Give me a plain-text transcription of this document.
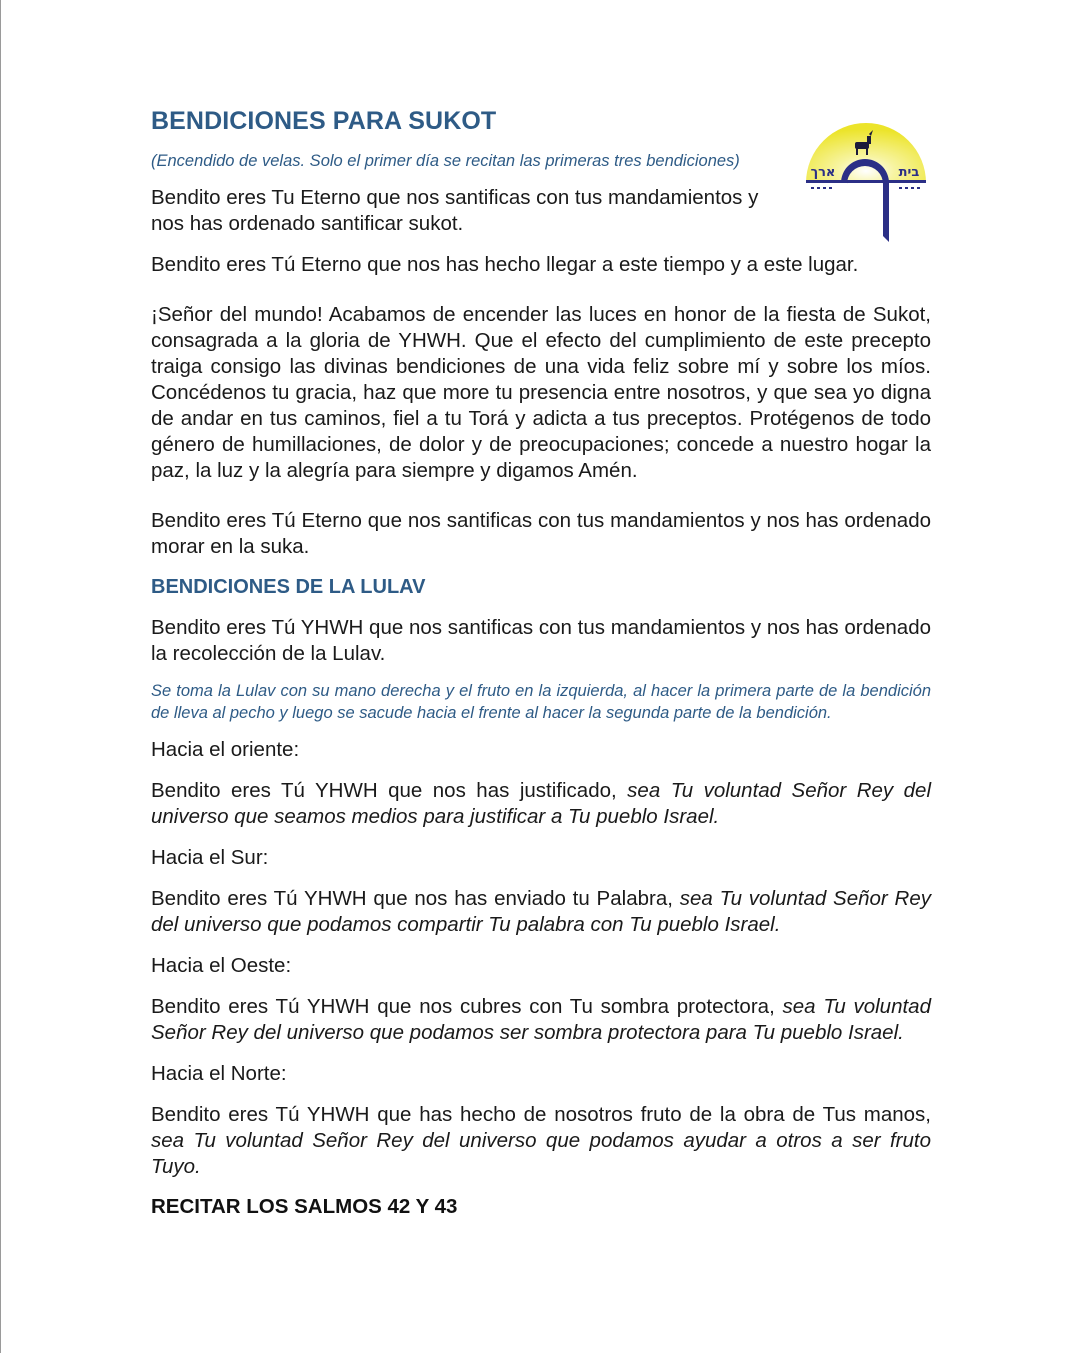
ארך	בית
BENDICIONES PARA SUKOT

(Encendido de velas. Solo el primer día se recitan las primeras tres bendiciones)

Bendito eres Tu Eterno que nos santificas con tus mandamientos y nos has ordenado santificar sukot.

Bendito eres Tú Eterno que nos has hecho llegar a este tiempo y a este lugar.

¡Señor del mundo! Acabamos de encender las luces en honor de la fiesta de Sukot, consagrada a la gloria de YHWH. Que el efecto del cumplimiento de este precepto traiga consigo las divinas bendiciones de una vida feliz sobre mí y sobre los míos. Concédenos tu gracia, haz que more tu presencia entre nosotros, y que sea yo digna de andar en tus caminos, fiel a tu Torá y adicta a tus preceptos. Protégenos de todo género de humillaciones, de dolor y de preocupaciones; concede a nuestro hogar la paz, la luz y la alegría para siempre y digamos Amén.

Bendito eres Tú Eterno que nos santificas con tus mandamientos y nos has ordenado morar en la suka.

BENDICIONES DE LA LULAV

Bendito eres Tú YHWH que nos santificas con tus mandamientos y nos has ordenado la recolección de la Lulav.

Se toma la Lulav con su mano derecha y el fruto en la izquierda, al hacer la primera parte de la bendición de lleva al pecho y luego se sacude hacia el frente al hacer la segunda parte de la bendición.

Hacia el oriente:

Bendito eres Tú YHWH que nos has justificado, sea Tu voluntad Señor Rey del universo que seamos medios para justificar a Tu pueblo Israel.

Hacia el Sur:

Bendito eres Tú YHWH que nos has enviado tu Palabra, sea Tu voluntad Señor Rey del universo que podamos compartir Tu palabra con Tu pueblo Israel.

Hacia el Oeste:

Bendito eres Tú YHWH que nos cubres con Tu sombra protectora, sea Tu voluntad Señor Rey del universo que podamos ser sombra protectora para Tu pueblo Israel.

Hacia el Norte:

Bendito eres Tú YHWH que has hecho de nosotros fruto de la obra de Tus manos, sea Tu voluntad Señor Rey del universo que podamos ayudar a otros a ser fruto Tuyo.

RECITAR LOS SALMOS 42 Y 43
